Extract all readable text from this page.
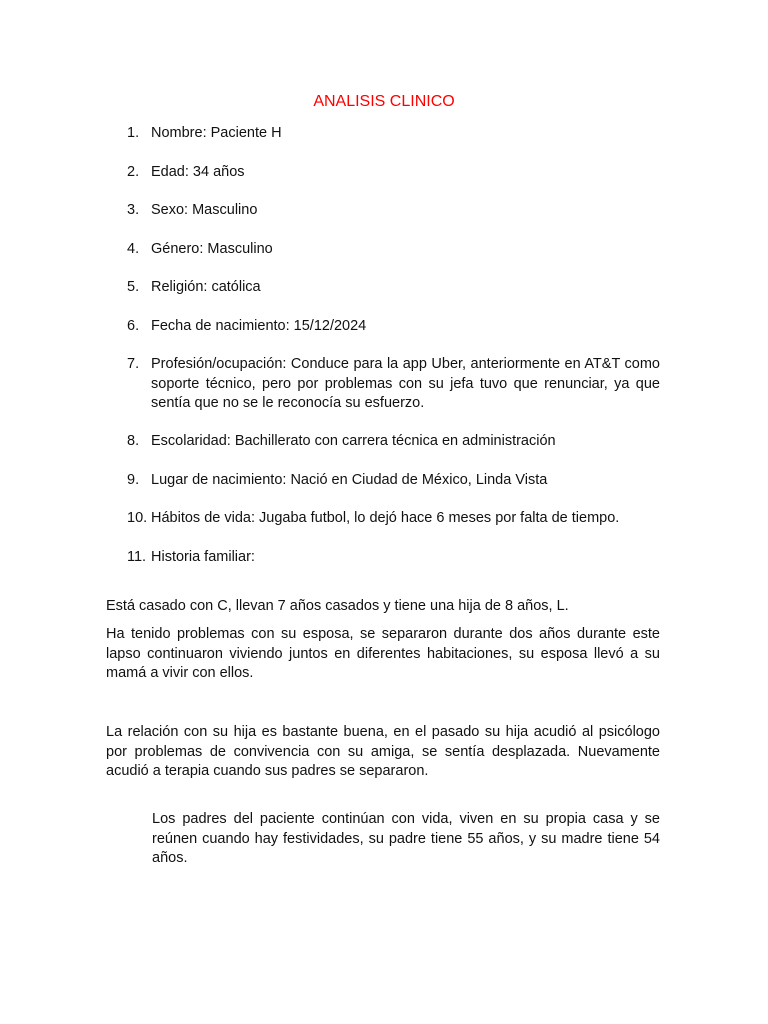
ANALISIS CLINICO
1. Nombre: Paciente H
2. Edad: 34 años
3. Sexo: Masculino
4. Género: Masculino
5. Religión: católica
6. Fecha de nacimiento: 15/12/2024
7. Profesión/ocupación: Conduce para la app Uber, anteriormente en AT&T como soporte técnico, pero por problemas con su jefa tuvo que renunciar, ya que sentía que no se le reconocía su esfuerzo.
8. Escolaridad: Bachillerato con carrera técnica en administración
9. Lugar de nacimiento: Nació en Ciudad de México, Linda Vista
10. Hábitos de vida: Jugaba futbol, lo dejó hace 6 meses por falta de tiempo.
11. Historia familiar:

Está casado con C, llevan 7 años casados y tiene una hija de 8 años, L.

Ha tenido problemas con su esposa, se separaron durante dos años durante este lapso continuaron viviendo juntos en diferentes habitaciones, su esposa llevó a su mamá a vivir con ellos.

La relación con su hija es bastante buena, en el pasado su hija acudió al psicólogo por problemas de convivencia con su amiga, se sentía desplazada. Nuevamente acudió a terapia cuando sus padres se separaron.

Los padres del paciente continúan con vida, viven en su propia casa y se reúnen cuando hay festividades, su padre tiene 55 años, y su madre tiene 54 años.
